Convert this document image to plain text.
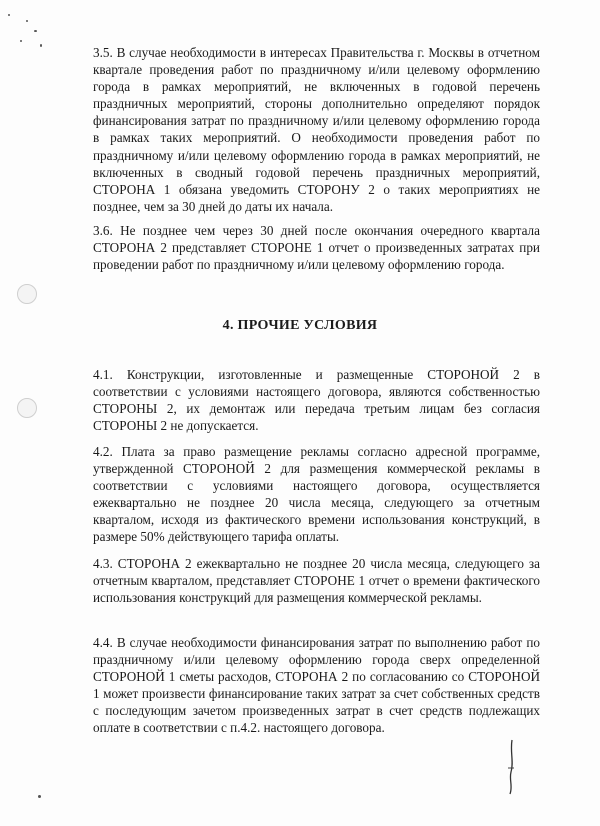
3.5. В случае необходимости в интересах Правительства г. Москвы в отчетном квартале проведения работ по праздничному и/или целевому оформлению города в рамках мероприятий, не включенных в годовой перечень праздничных мероприятий, стороны дополнительно определяют порядок финансирования затрат по праздничному и/или целевому оформлению города в рамках таких мероприятий. О необходимости проведения работ по праздничному и/или целевому оформлению города в рамках мероприятий, не включенных в сводный годовой перечень праздничных мероприятий, СТОРОНА 1 обязана уведомить СТОРОНУ 2 о таких мероприятиях не позднее, чем за 30 дней до даты их начала.

3.6. Не позднее чем через 30 дней после окончания очередного квартала СТОРОНА 2 представляет СТОРОНЕ 1 отчет о произведенных затратах при проведении работ по праздничному и/или целевому оформлению города.

4. ПРОЧИЕ УСЛОВИЯ

4.1. Конструкции, изготовленные и размещенные СТОРОНОЙ 2 в соответствии с условиями настоящего договора, являются собственностью СТОРОНЫ 2, их демонтаж или передача третьим лицам без согласия СТОРОНЫ 2 не допускается.

4.2. Плата за право размещение рекламы согласно адресной программе, утвержденной СТОРОНОЙ 2 для размещения коммерческой рекламы в соответствии с условиями настоящего договора, осуществляется ежеквартально не позднее 20 числа месяца, следующего за отчетным кварталом, исходя из фактического времени использования конструкций, в размере 50% действующего тарифа оплаты.

4.3. СТОРОНА 2 ежеквартально не позднее 20 числа месяца, следующего за отчетным кварталом, представляет СТОРОНЕ 1 отчет о времени фактического использования конструкций для размещения коммерческой рекламы.

4.4. В случае необходимости финансирования затрат по выполнению работ по праздничному и/или целевому оформлению города сверх определенной СТОРОНОЙ 1 сметы расходов, СТОРОНА 2 по согласованию со СТОРОНОЙ 1 может произвести финансирование таких затрат за счет собственных средств с последующим зачетом произведенных затрат в счет средств подлежащих оплате в соответствии с п.4.2. настоящего договора.
